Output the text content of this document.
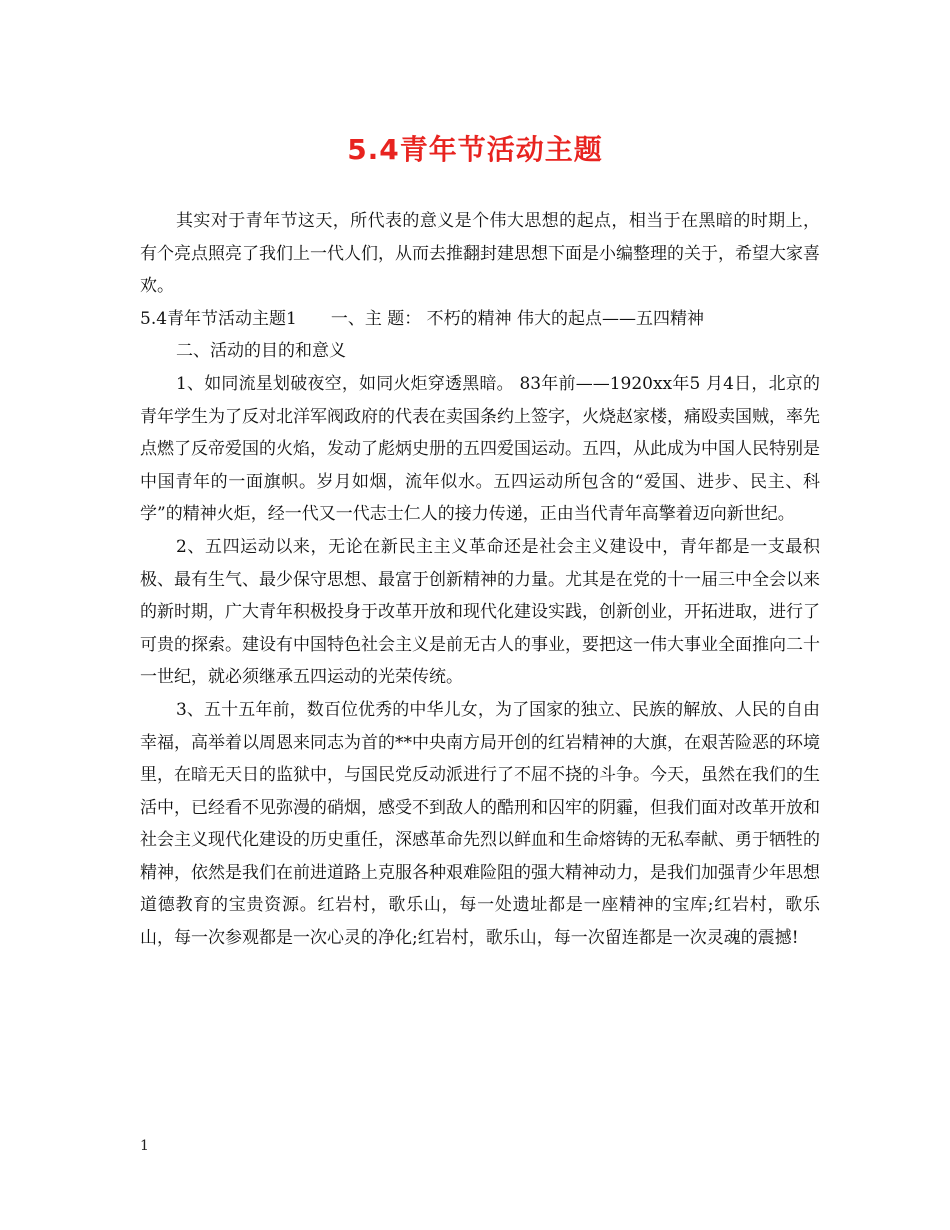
5.4青年节活动主题

其实对于青年节这天，所代表的意义是个伟大思想的起点，相当于在黑暗的时期上，有个亮点照亮了我们上一代人们，从而去推翻封建思想下面是小编整理的关于，希望大家喜欢。

5.4青年节活动主题1　　一、主 题： 不朽的精神 伟大的起点——五四精神

二、活动的目的和意义

1、如同流星划破夜空，如同火炬穿透黑暗。 83年前——1920xx年5 月4日，北京的青年学生为了反对北洋军阀政府的代表在卖国条约上签字，火烧赵家楼，痛殴卖国贼，率先点燃了反帝爱国的火焰，发动了彪炳史册的五四爱国运动。五四，从此成为中国人民特别是中国青年的一面旗帜。岁月如烟，流年似水。五四运动所包含的“爱国、进步、民主、科学”的精神火炬，经一代又一代志士仁人的接力传递，正由当代青年高擎着迈向新世纪。

2、五四运动以来，无论在新民主主义革命还是社会主义建设中，青年都是一支最积极、最有生气、最少保守思想、最富于创新精神的力量。尤其是在党的十一届三中全会以来的新时期，广大青年积极投身于改革开放和现代化建设实践，创新创业，开拓进取，进行了可贵的探索。建设有中国特色社会主义是前无古人的事业，要把这一伟大事业全面推向二十一世纪，就必须继承五四运动的光荣传统。

3、五十五年前，数百位优秀的中华儿女，为了国家的独立、民族的解放、人民的自由幸福，高举着以周恩来同志为首的**中央南方局开创的红岩精神的大旗，在艰苦险恶的环境里，在暗无天日的监狱中，与国民党反动派进行了不屈不挠的斗争。今天，虽然在我们的生活中，已经看不见弥漫的硝烟，感受不到敌人的酷刑和囚牢的阴霾，但我们面对改革开放和社会主义现代化建设的历史重任，深感革命先烈以鲜血和生命熔铸的无私奉献、勇于牺牲的精神，依然是我们在前进道路上克服各种艰难险阻的强大精神动力，是我们加强青少年思想道德教育的宝贵资源。红岩村，歌乐山，每一处遗址都是一座精神的宝库;红岩村，歌乐山，每一次参观都是一次心灵的净化;红岩村，歌乐山，每一次留连都是一次灵魂的震撼!

1
